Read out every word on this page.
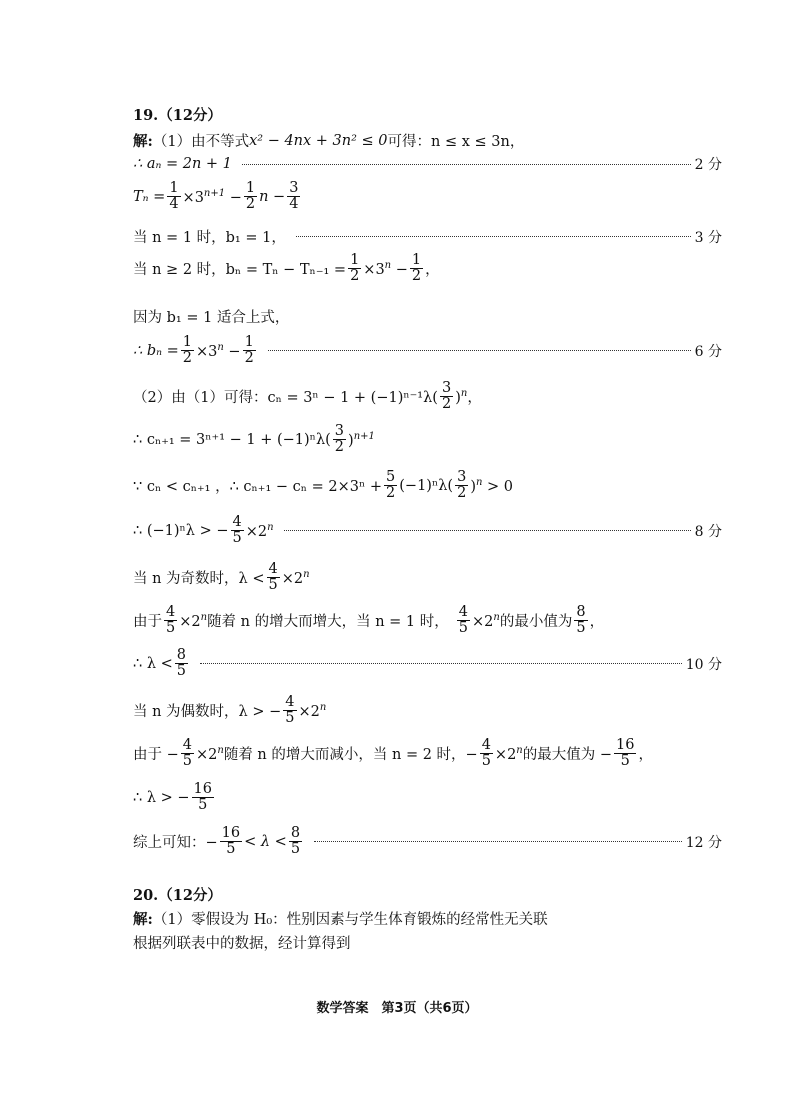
19.（12分）
解: （1）由不等式 x² − 4nx + 3n² ≤ 0 可得：n ≤ x ≤ 3n，
∴ aₙ = 2n + 1	2 分
$T_n = \frac{1}{4} \times 3^{n+1} - \frac{1}{2}$ $n - \frac{3}{4}$
当 n = 1 时，b₁ = 1，	3 分
当 n ≥ 2 时，$b_n = T_n - T_{n-1} = \frac{1}{2} \times 3^n - \frac{1}{2}$ ，
因为 b₁ = 1 适合上式，
∴ $b_n = \frac{1}{2} \times 3^n - \frac{1}{2}$	6 分
（2）由（1）可得：$c_n = 3^n - 1 + (-1)^{n-1}\lambda( \frac{3}{2} )^n$，
∴ $c_{n+1} = 3^{n+1} - 1 + (-1)^n\lambda( \frac{3}{2} )^{n+1}$
∵ cₙ < cₙ₊₁ ，∴ $c_{n+1} - c_n = 2\times 3^n + \frac{5}{2} (-1)^n\lambda( \frac{3}{2} )^n > 0$
∴ (−1)ⁿλ > − $\frac{4}{5} \times 2^n$	8 分
当 n 为奇数时，$\lambda < \frac{4}{5} \times 2^n$
由于 $\frac{4}{5} \times 2^n$ 随着 n 的增大而增大，当 n = 1 时， $\frac{4}{5} \times 2^n$ 的最小值为 $\frac{8}{5}$ ，
∴ $\lambda < \frac{8}{5}$	10 分
当 n 为偶数时，λ > − $\frac{4}{5} \times 2^n$
由于 − $\frac{4}{5} \times 2^n$ 随着 n 的增大而减小，当 n = 2 时，− $\frac{4}{5} \times 2^n$ 的最大值为 − $\frac{16}{5}$ ，
∴ λ > − $\frac{16}{5}$
综上可知：− $\frac{16}{5} < \lambda < \frac{8}{5}$	12 分
20.（12分）
解: （1）零假设为 H₀：性别因素与学生体育锻炼的经常性无关联
根据列联表中的数据，经计算得到
数学答案　第3页（共6页）
